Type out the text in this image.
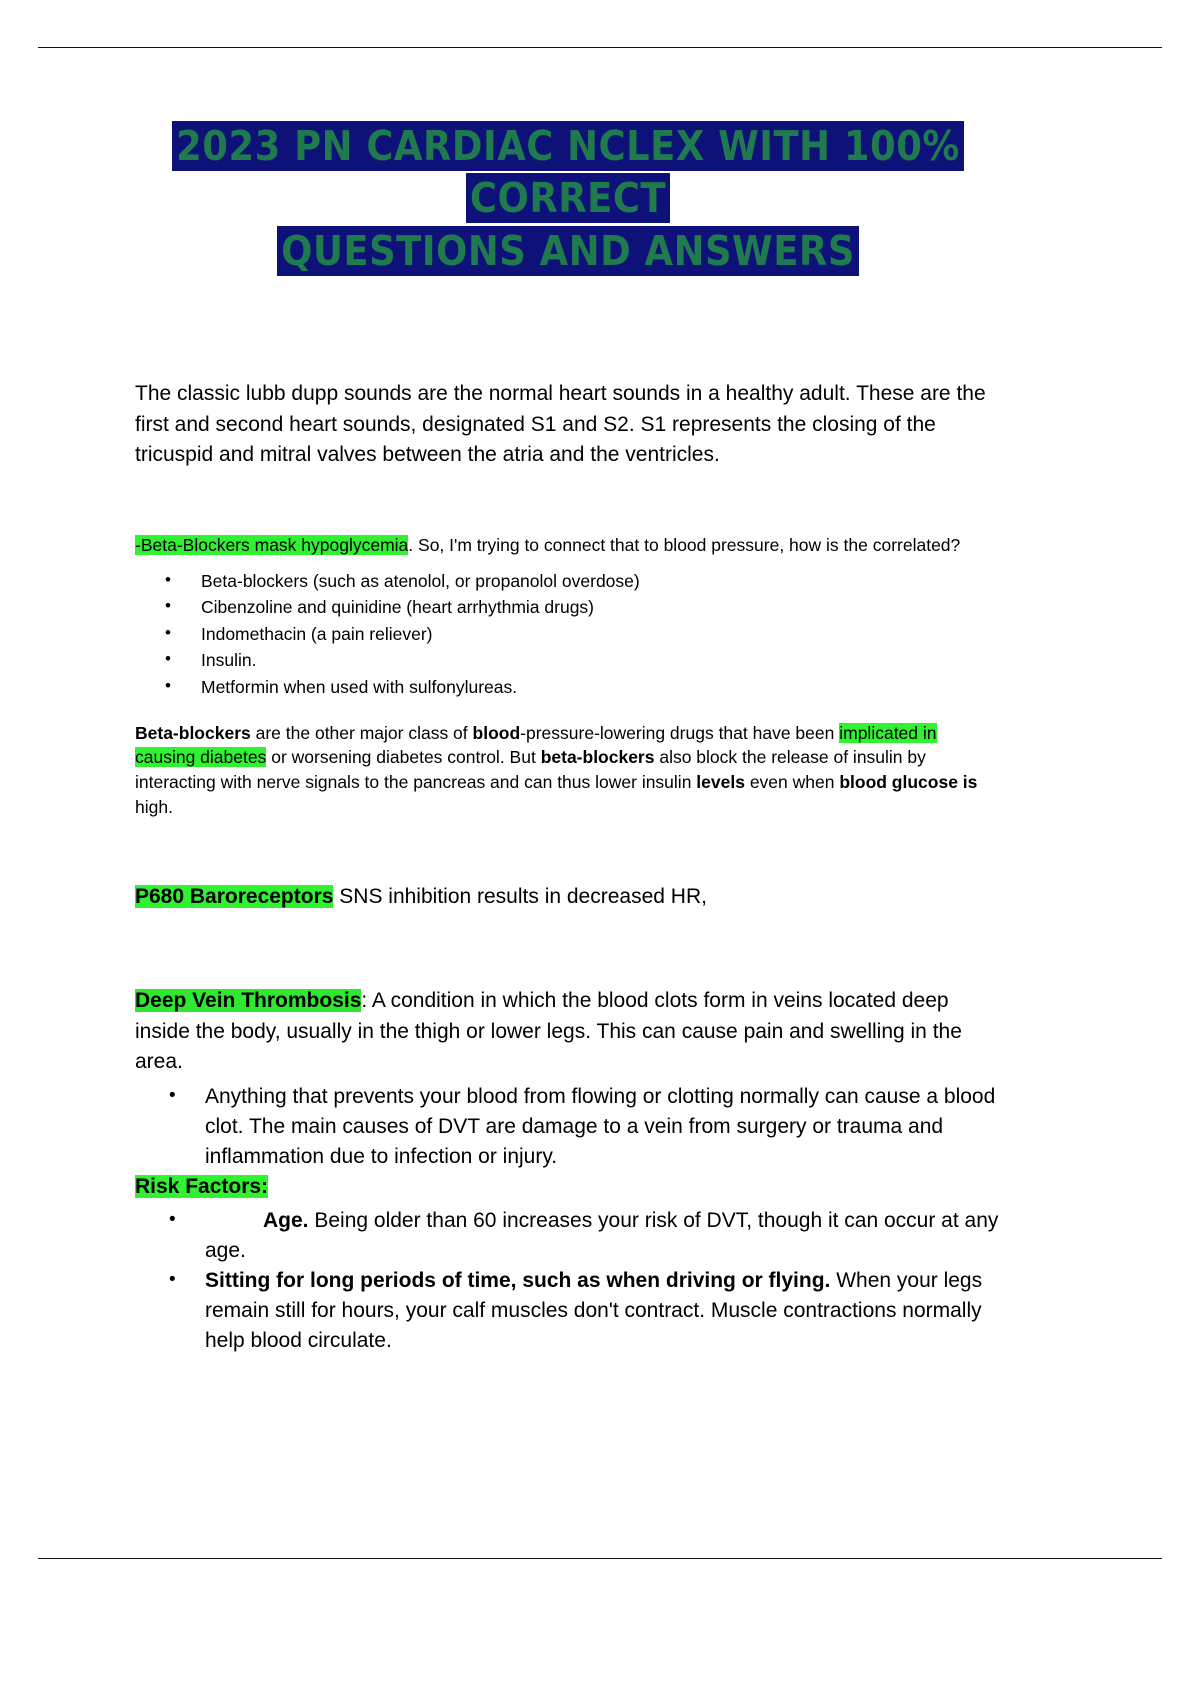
2023 PN CARDIAC NCLEX WITH 100% CORRECT
QUESTIONS AND ANSWERS

The classic lubb dupp sounds are the normal heart sounds in a healthy adult. These are the first and second heart sounds, designated S1 and S2. S1 represents the closing of the tricuspid and mitral valves between the atria and the ventricles.

-Beta-Blockers mask hypoglycemia. So, I'm trying to connect that to blood pressure, how is the correlated?

• Beta-blockers (such as atenolol, or propanolol overdose)
• Cibenzoline and quinidine (heart arrhythmia drugs)
• Indomethacin (a pain reliever)
• Insulin.
• Metformin when used with sulfonylureas.

Beta-blockers are the other major class of blood-pressure-lowering drugs that have been implicated in causing diabetes or worsening diabetes control. But beta-blockers also block the release of insulin by interacting with nerve signals to the pancreas and can thus lower insulin levels even when blood glucose is high.

P680 Baroreceptors SNS inhibition results in decreased HR,

Deep Vein Thrombosis: A condition in which the blood clots form in veins located deep inside the body, usually in the thigh or lower legs. This can cause pain and swelling in the area.

• Anything that prevents your blood from flowing or clotting normally can cause a blood clot. The main causes of DVT are damage to a vein from surgery or trauma and inflammation due to infection or injury.

Risk Factors:

• Age. Being older than 60 increases your risk of DVT, though it can occur at any age.
• Sitting for long periods of time, such as when driving or flying. When your legs remain still for hours, your calf muscles don't contract. Muscle contractions normally help blood circulate.
